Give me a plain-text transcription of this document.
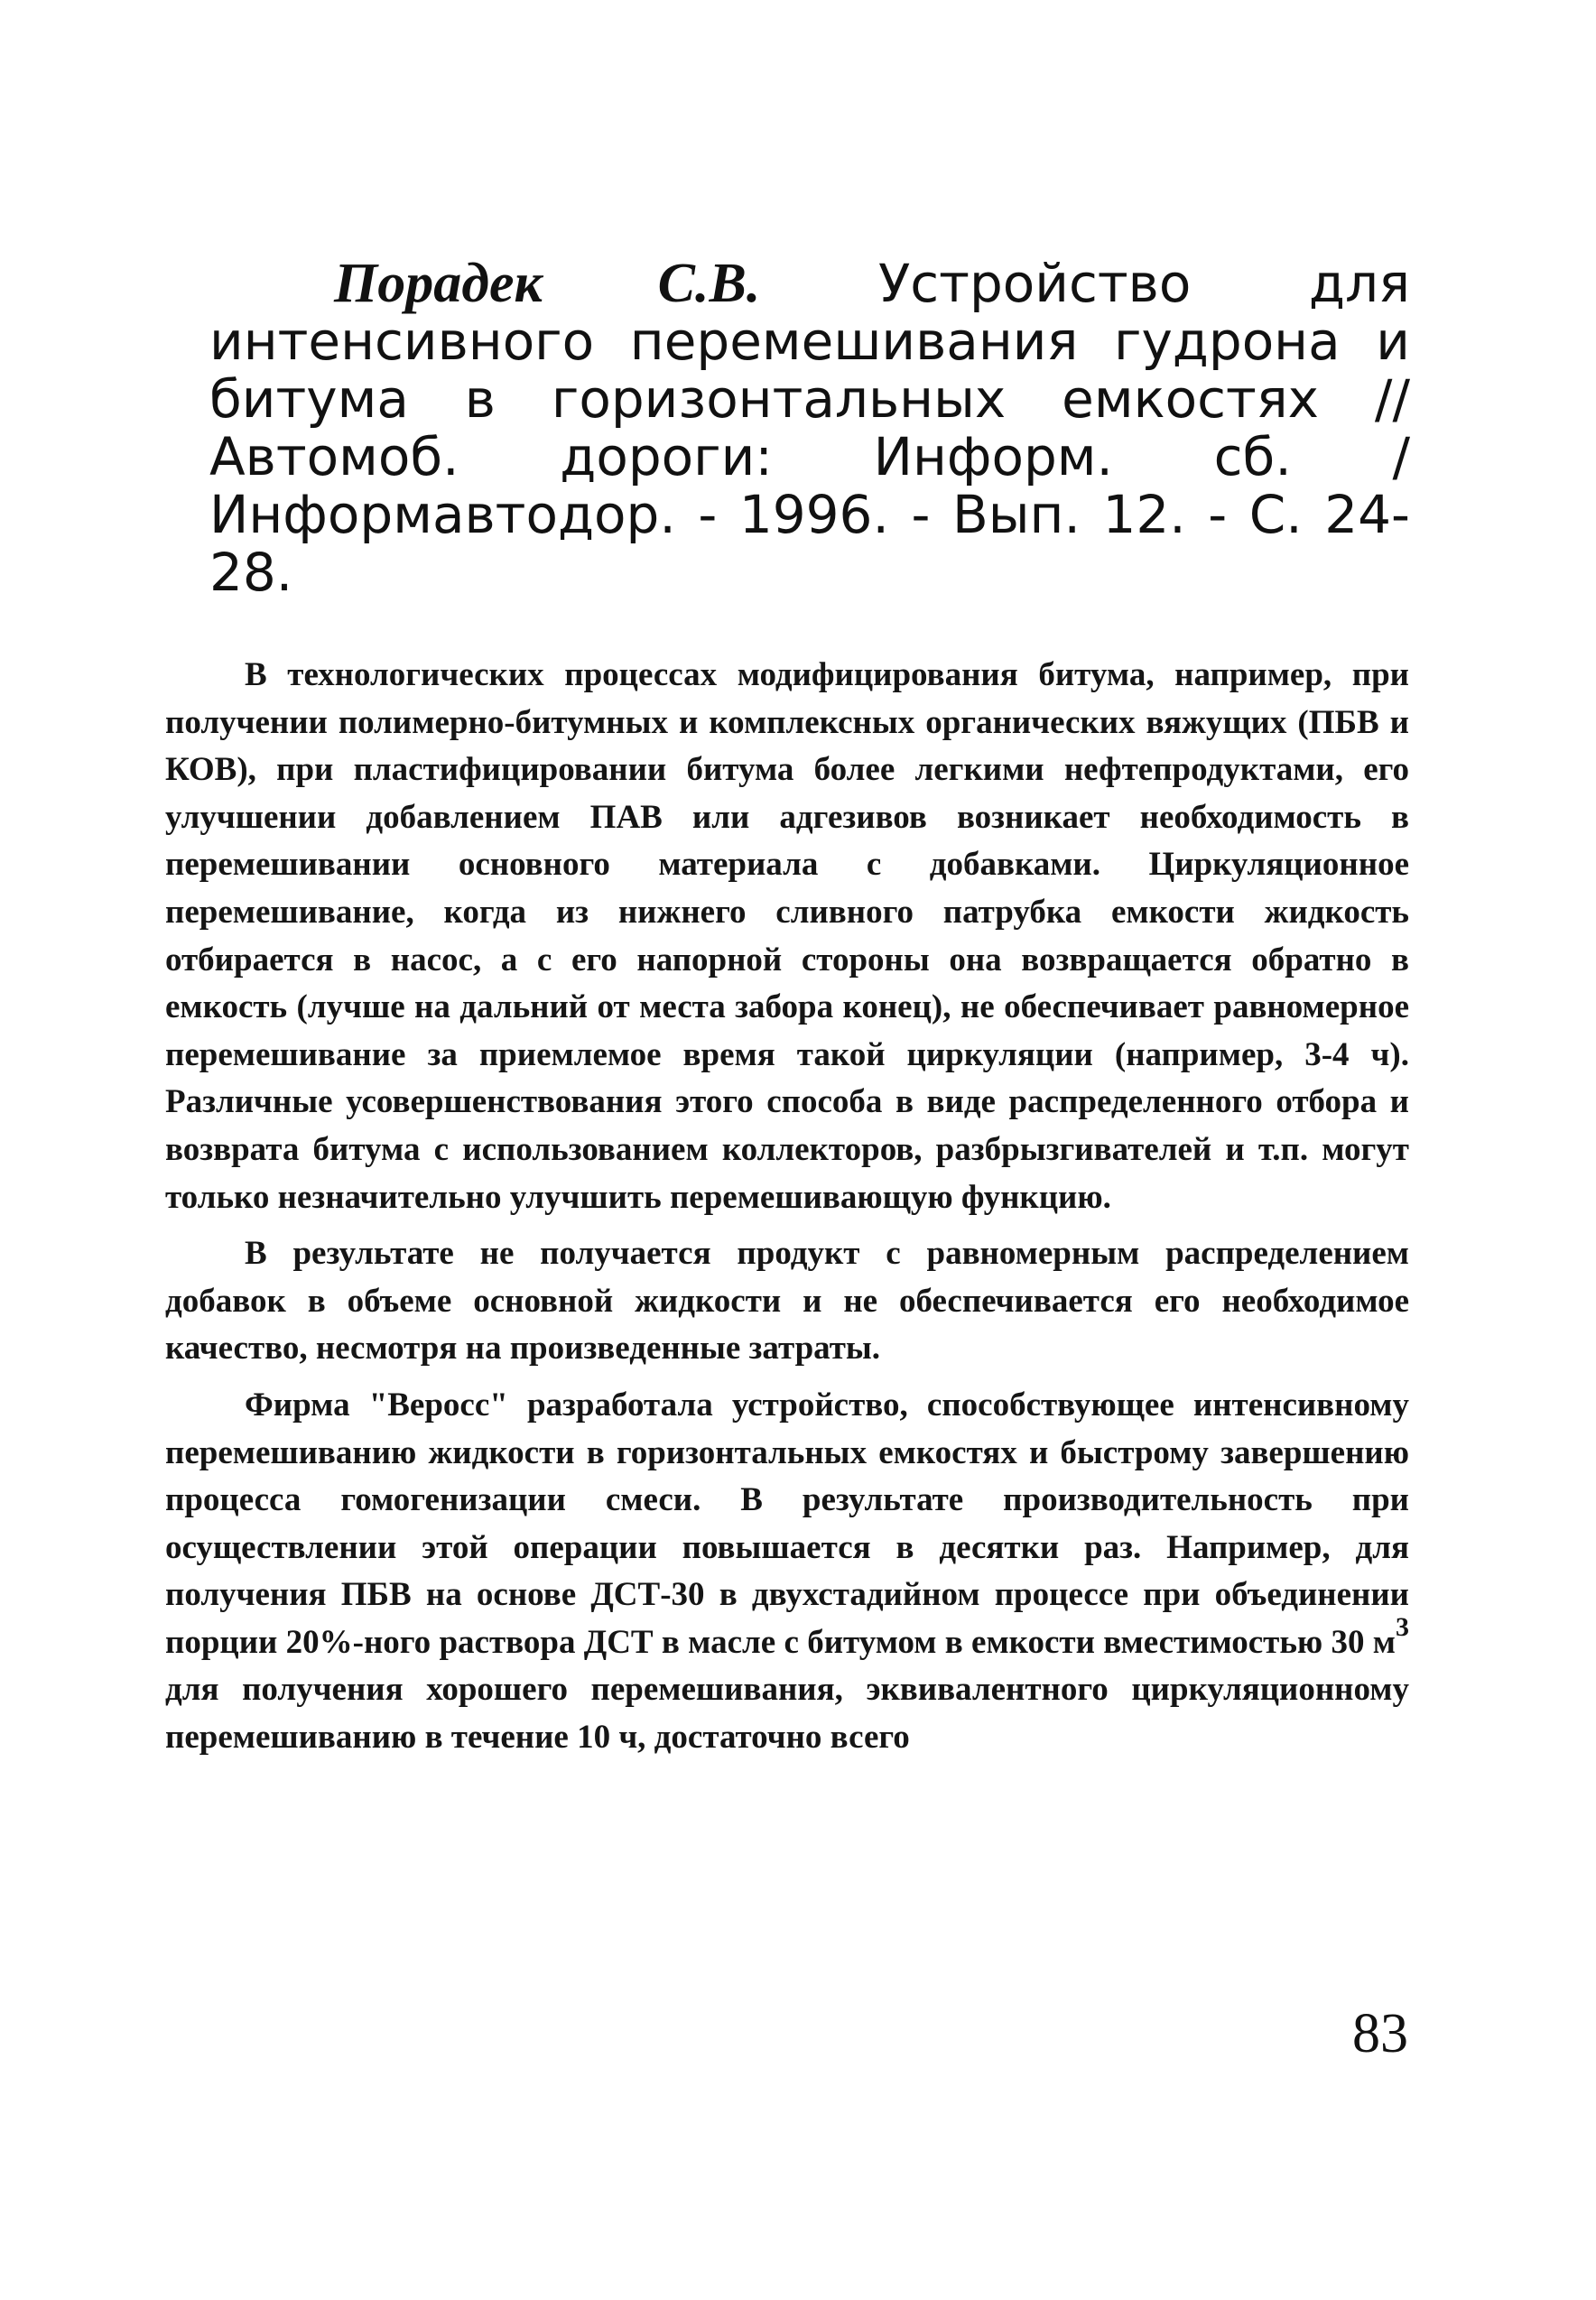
Порадек С.В. Устройство для интенсивного перемешивания гудрона и битума в горизонтальных емкостях // Автомоб. дороги: Информ. сб. / Информавтодор. - 1996. - Вып. 12. - С. 24-28.

В технологических процессах модифицирования битума, например, при получении полимерно-битумных и комплексных органических вяжущих (ПБВ и КОВ), при пластифицировании битума более легкими нефтепродуктами, его улучшении добавлением ПАВ или адгезивов возникает необходимость в перемешивании основного материала с добавками. Циркуляционное перемешивание, когда из нижнего сливного патрубка емкости жидкость отбирается в насос, а с его напорной стороны она возвращается обратно в емкость (лучше на дальний от места забора конец), не обеспечивает равномерное перемешивание за приемлемое время такой циркуляции (например, 3-4 ч). Различные усовершенствования этого способа в виде распределенного отбора и возврата битума с использованием коллекторов, разбрызгивателей и т.п. могут только незначительно улучшить перемешивающую функцию.

В результате не получается продукт с равномерным распределением добавок в объеме основной жидкости и не обеспечивается его необходимое качество, несмотря на произведенные затраты.

Фирма "Веросс" разработала устройство, способствующее интенсивному перемешиванию жидкости в горизонтальных емкостях и быстрому завершению процесса гомогенизации смеси. В результате производительность при осуществлении этой операции повышается в десятки раз. Например, для получения ПБВ на основе ДСТ-30 в двухстадийном процессе при объединении порции 20%-ного раствора ДСТ в масле с битумом в емкости вместимостью 30 $м^3$ для получения хорошего перемешивания, эквивалентного циркуляционному перемешиванию в течение 10 ч, достаточно всего

83
